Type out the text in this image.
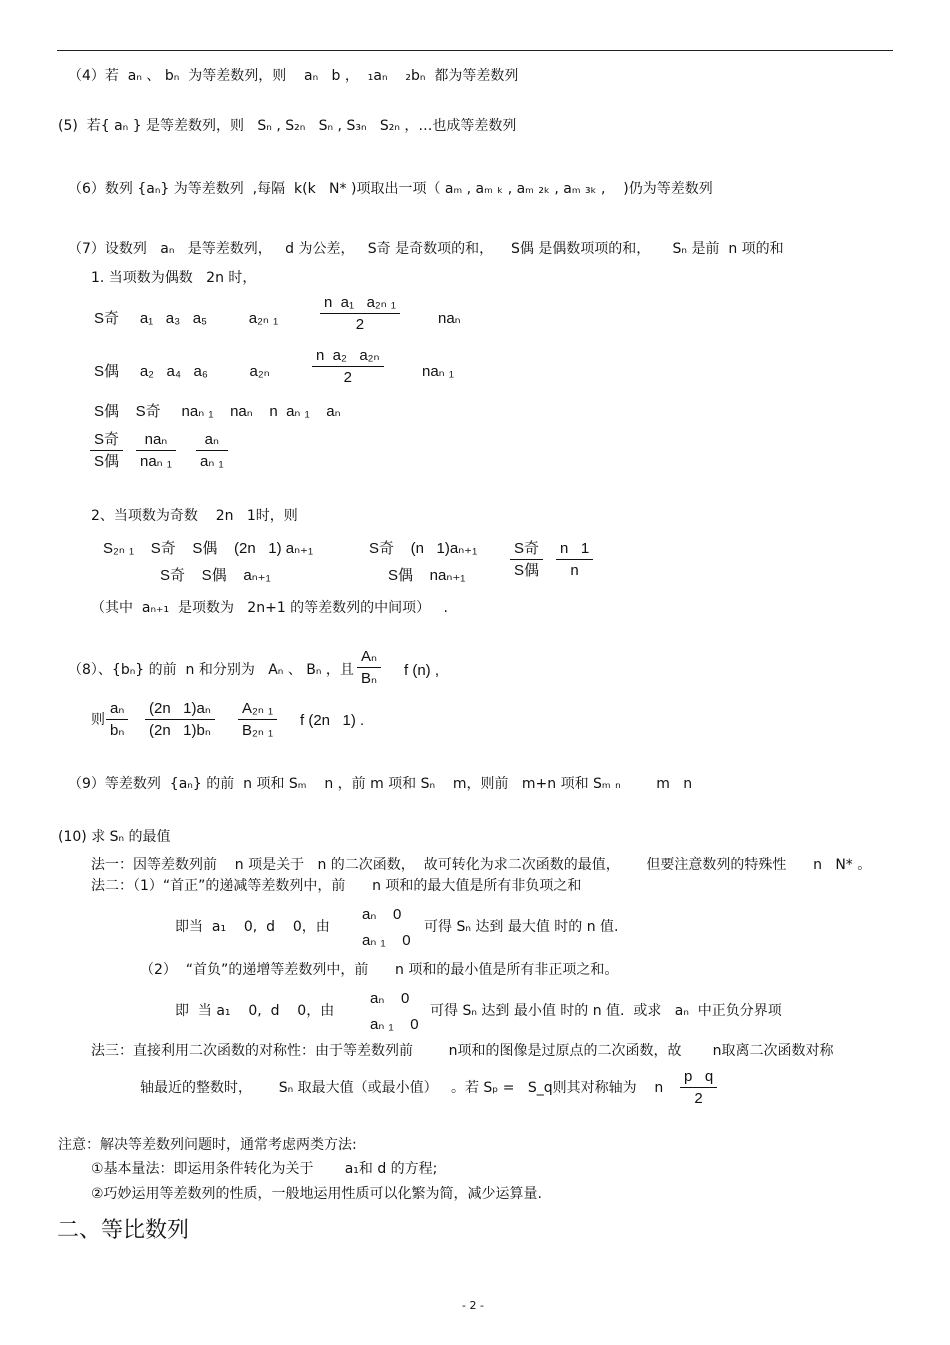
（4）若  aₙ 、 bₙ  为等差数列，则    aₙ   b ，  ₁aₙ    ₂bₙ  都为等差数列
(5)  若{ aₙ } 是等差数列，则   Sₙ , S₂ₙ   Sₙ , S₃ₙ   S₂ₙ ，…也成等差数列
（6）数列 {aₙ} 为等差数列  ,每隔  k(k   N* )项取出一项（ aₘ , aₘ ₖ , aₘ ₂ₖ , aₘ ₃ₖ ,    )仍为等差数列
（7）设数列   aₙ   是等差数列，   d 为公差，   S奇 是奇数项的和，    S偶 是偶数项项的和，     Sₙ 是前  n 项的和
1. 当项数为偶数   2n 时，
S奇     a₁   a₃   a₅          a₂ₙ ₁
n  a₁   a₂ₙ ₁
2	naₙ
S偶     a₂   a₄   a₆          a₂ₙ
n  a₂   a₂ₙ
2	naₙ ₁
S偶    S奇     naₙ ₁    naₙ    n  aₙ ₁    aₙ
S奇
S偶
naₙ
naₙ ₁
aₙ
aₙ ₁
2、当项数为奇数    2n   1时，则
S₂ₙ ₁    S奇    S偶    (2n   1) aₙ₊₁
S奇    S偶    aₙ₊₁
S奇    (n   1)aₙ₊₁
S偶    naₙ₊₁
S奇
S偶
n   1
n
（其中  aₙ₊₁  是项数为   2n+1 的等差数列的中间项）   .
（8）、{bₙ} 的前  n 和分别为   Aₙ 、 Bₙ ，且
Aₙ
Bₙ f (n) ,
则
aₙ
bₙ
(2n   1)aₙ
(2n   1)bₙ
A₂ₙ ₁
B₂ₙ ₁
f (2n   1) .
（9）等差数列  {aₙ} 的前  n 项和 Sₘ    n ，前 m 项和 Sₙ    m，则前   m+n 项和 Sₘ ₙ        m   n
(10) 求 Sₙ 的最值
法一：因等差数列前    n 项是关于   n 的二次函数，  故可转化为求二次函数的最值，      但要注意数列的特殊性      n   N* 。
法二：（1）“首正”的递减等差数列中，前      n 项和的最大值是所有非负项之和
即当  a₁    0,  d    0，由
aₙ    0
aₙ ₁    0
可得 Sₙ 达到 最大值 时的 n 值.
（2）  “首负”的递增等差数列中，前      n 项和的最小值是所有非正项之和。
即  当 a₁    0,  d    0，由
aₙ    0
aₙ ₁    0
可得 Sₙ 达到 最小值 时的 n 值.  或求   aₙ  中正负分界项
法三：直接利用二次函数的对称性：由于等差数列前        n项和的图像是过原点的二次函数，故       n取离二次函数对称
轴最近的整数时，      Sₙ 取最大值（或最小值）   。若 Sₚ =   S_q则其对称轴为    n
p   q
2
注意：解决等差数列问题时，通常考虑两类方法:
①基本量法：即运用条件转化为关于       a₁和 d 的方程;
②巧妙运用等差数列的性质，一般地运用性质可以化繁为简，减少运算量.
二、等比数列
- 2 -
